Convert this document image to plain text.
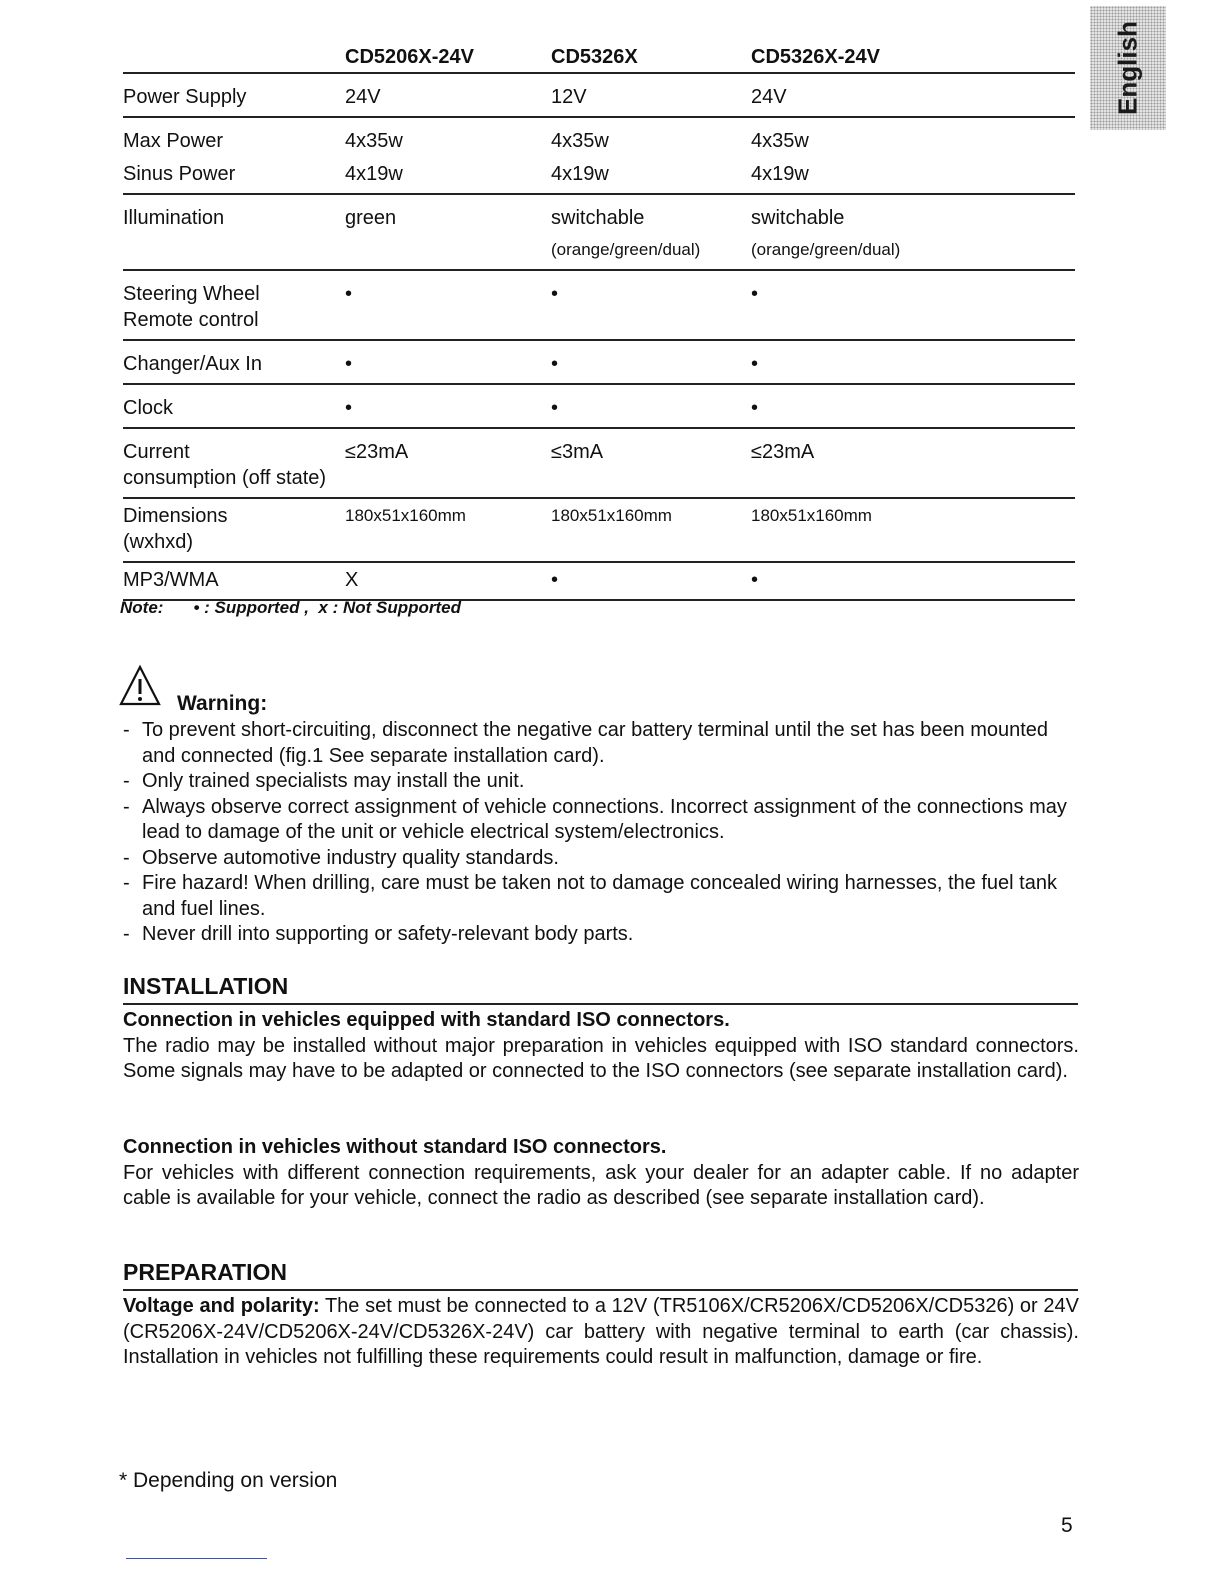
English
	CD5206X-24V	CD5326X	CD5326X-24V
Power Supply	24V	12V	24V
Max Power	4x35w	4x35w	4x35w
Sinus Power	4x19w	4x19w	4x19w
Illumination	green	switchable	switchable
		(orange/green/dual)	(orange/green/dual)
Steering Wheel
Remote control	•	•	•
Changer/Aux In	•	•	•
Clock	•	•	•
Current
consumption (off state)	≤23mA	≤3mA	≤23mA
Dimensions
(wxhxd)	180x51x160mm	180x51x160mm	180x51x160mm
MP3/WMA	X	•	•
Note: • : Supported , x : Not Supported
Warning:
- To prevent short-circuiting, disconnect the negative car battery terminal until the set has been mounted and connected (fig.1 See separate installation card).
- Only trained specialists may install the unit.
- Always observe correct assignment of vehicle connections. Incorrect assignment of the connections may lead to damage of the unit or vehicle electrical system/electronics.
- Observe automotive industry quality standards.
- Fire hazard! When drilling, care must be taken not to damage concealed wiring harnesses, the fuel tank and fuel lines.
- Never drill into supporting or safety-relevant body parts.
INSTALLATION
Connection in vehicles equipped with standard ISO connectors.

The radio may be installed without major preparation in vehicles equipped with ISO standard connectors. Some signals may have to be adapted or connected to the ISO connectors (see separate installation card).

Connection in vehicles without standard ISO connectors.

For vehicles with different connection requirements, ask your dealer for an adapter cable. If no adapter cable is available for your vehicle, connect the radio as described (see separate installation card).

PREPARATION

Voltage and polarity: The set must be connected to a 12V (TR5106X/CR5206X/CD5206X/CD5326) or 24V (CR5206X-24V/CD5206X-24V/CD5326X-24V) car battery with negative terminal to earth (car chassis). Installation in vehicles not fulfilling these requirements could result in malfunction, damage or fire.

* Depending on version
5
